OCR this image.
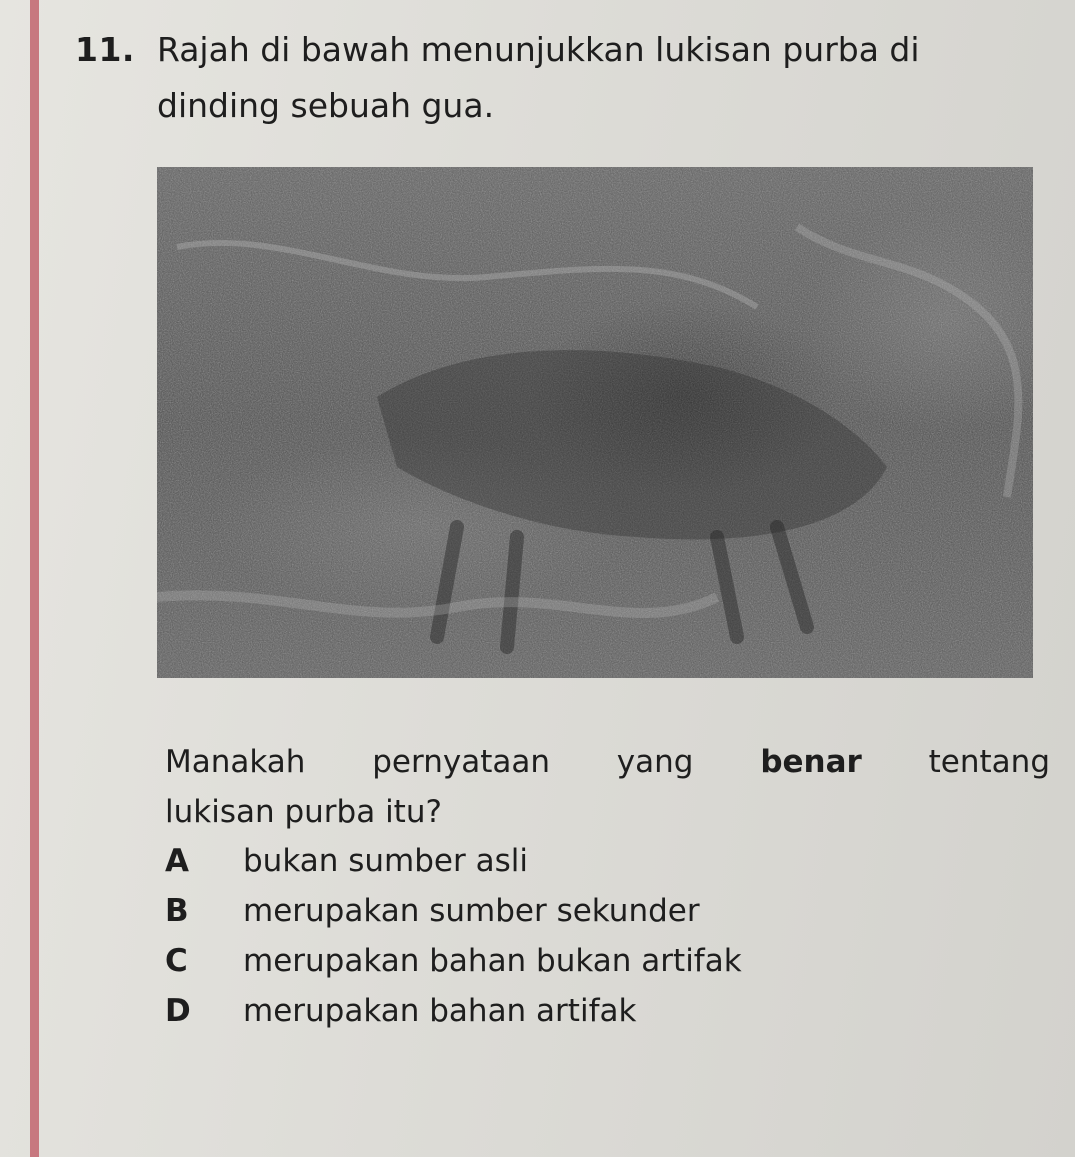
11. Rajah di bawah menunjukkan lukisan purba di
dinding sebuah gua.
Manakah pernyataan yang benar tentang
lukisan purba itu?
A	bukan sumber asli
B	merupakan sumber sekunder
C	merupakan bahan bukan artifak
D	merupakan bahan artifak
